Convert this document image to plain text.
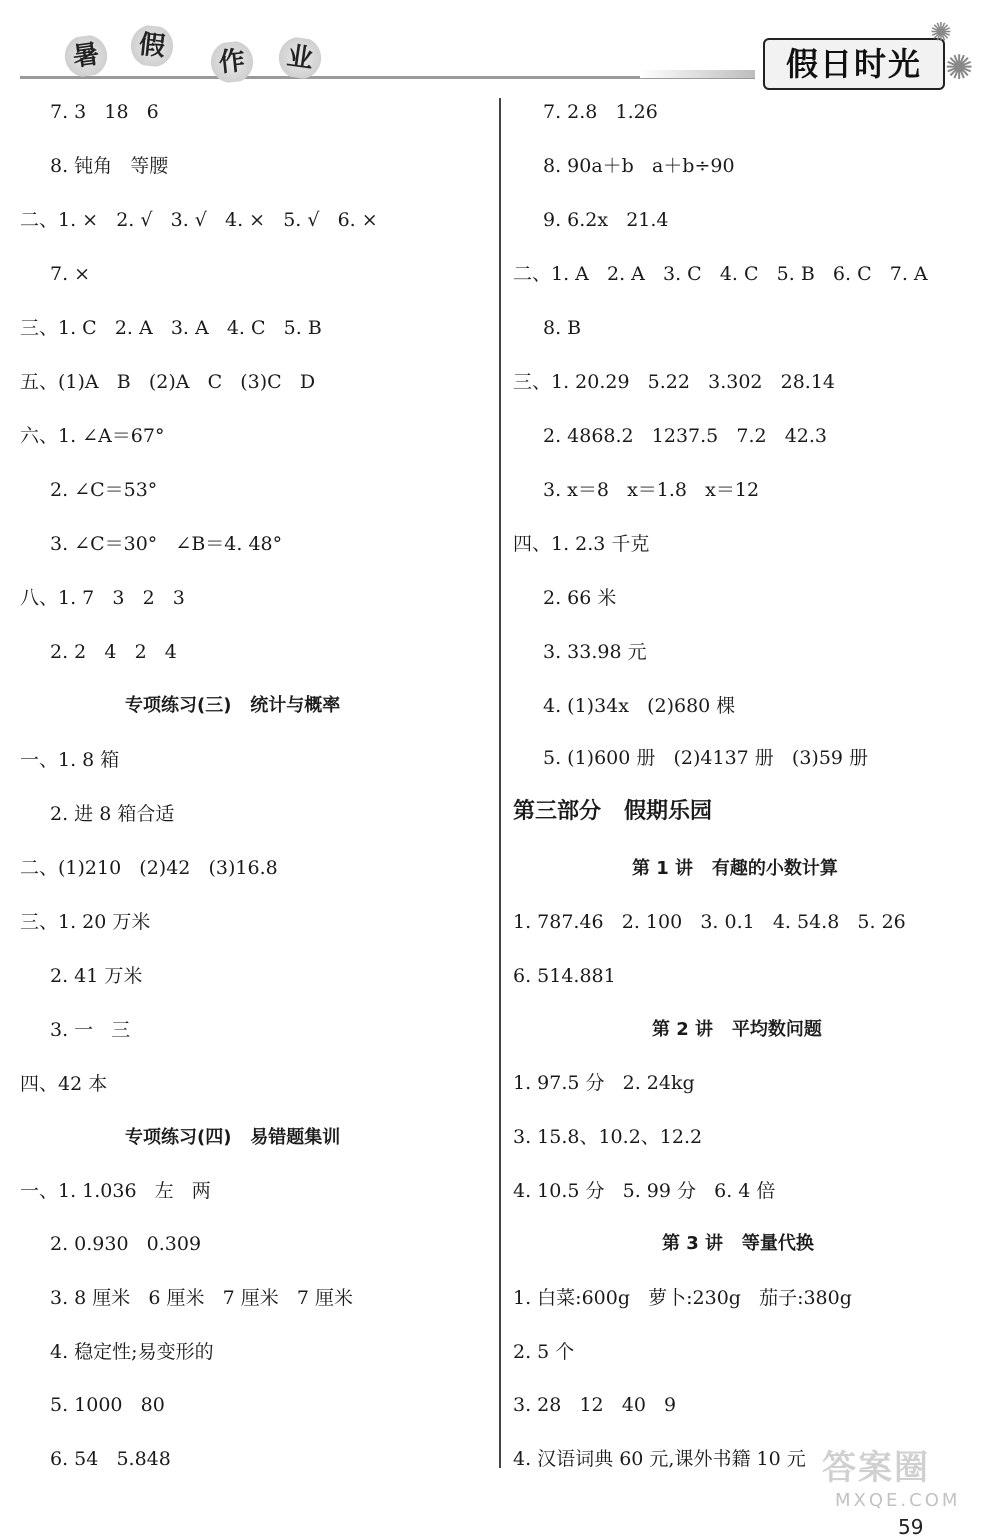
暑	假	作	业	假日时光
✺
✺
7. 3   18   6
8. 钝角   等腰
二、1. ×   2. √   3. √   4. ×   5. √   6. ×
7. ×
三、1. C   2. A   3. A   4. C   5. B
五、(1)A   B   (2)A   C   (3)C   D
六、1. ∠A＝67°
2. ∠C＝53°
3. ∠C＝30°   ∠B＝4. 48°
八、1. 7   3   2   3
2. 2   4   2   4
专项练习(三)   统计与概率
一、1. 8 箱
2. 进 8 箱合适
二、(1)210   (2)42   (3)16.8
三、1. 20 万米
2. 41 万米
3. 一   三
四、42 本
专项练习(四)   易错题集训
一、1. 1.036   左   两
2. 0.930   0.309
3. 8 厘米   6 厘米   7 厘米   7 厘米
4. 稳定性;易变形的
5. 1000   80
6. 54   5.848
7. 2.8   1.26
8. 90a＋b   a＋b÷90
9. 6.2x   21.4
二、1. A   2. A   3. C   4. C   5. B   6. C   7. A
8. B
三、1. 20.29   5.22   3.302   28.14
2. 4868.2   1237.5   7.2   42.3
3. x＝8   x＝1.8   x＝12
四、1. 2.3 千克
2. 66 米
3. 33.98 元
4. (1)34x   (2)680 棵
5. (1)600 册   (2)4137 册   (3)59 册
第三部分   假期乐园
第 1 讲   有趣的小数计算
1. 787.46   2. 100   3. 0.1   4. 54.8   5. 26
6. 514.881
第 2 讲   平均数问题
1. 97.5 分   2. 24kg
3. 15.8、10.2、12.2
4. 10.5 分   5. 99 分   6. 4 倍
第 3 讲   等量代换
1. 白菜:600g   萝卜:230g   茄子:380g
2. 5 个
3. 28   12   40   9
4. 汉语词典 60 元,课外书籍 10 元 答案圈
MXQE.COM
59
